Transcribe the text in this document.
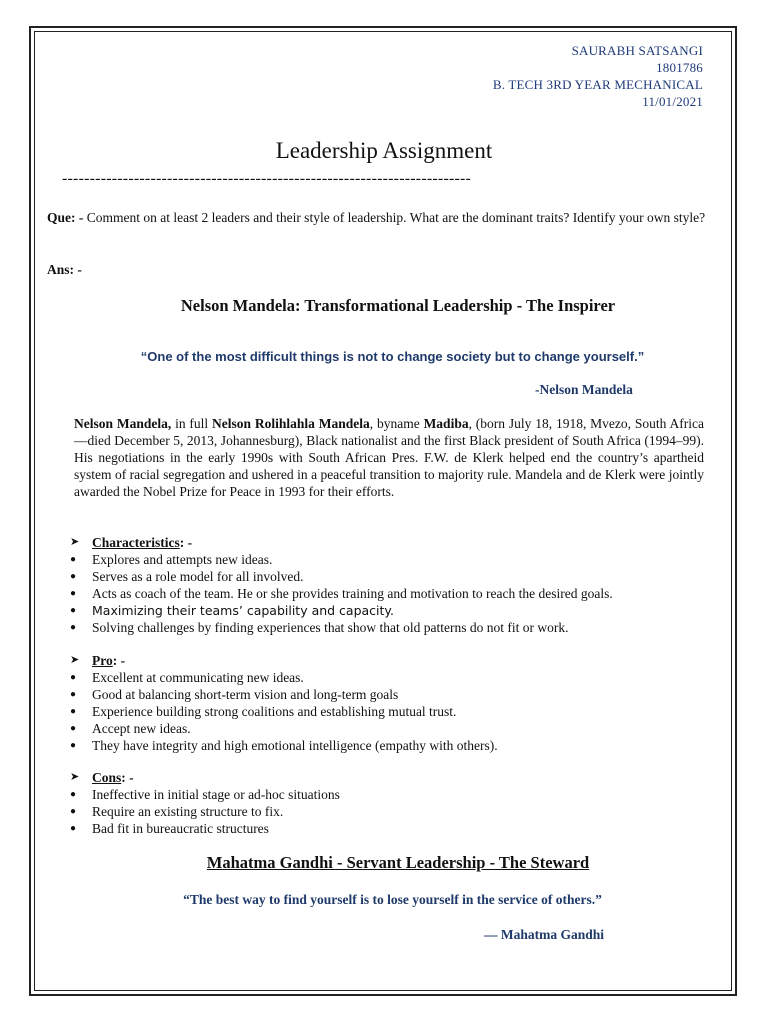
SAURABH SATSANGI
1801786
B. TECH 3RD YEAR MECHANICAL
11/01/2021
Leadership Assignment
--------------------------------------------------------------------------
Que: - Comment on at least 2 leaders and their style of leadership. What are the dominant traits? Identify your own style?
Ans: -
Nelson Mandela: Transformational Leadership - The Inspirer
“One of the most difficult things is not to change society but to change yourself.”
-Nelson Mandela
Nelson Mandela, in full Nelson Rolihlahla Mandela, byname Madiba, (born July 18, 1918, Mvezo, South Africa—died December 5, 2013, Johannesburg), Black nationalist and the first Black president of South Africa (1994–99). His negotiations in the early 1990s with South African Pres. F.W. de Klerk helped end the country’s apartheid system of racial segregation and ushered in a peaceful transition to majority rule. Mandela and de Klerk were jointly awarded the Nobel Prize for Peace in 1993 for their efforts.
➤ Characteristics : -
●	Explores and attempts new ideas.
●	Serves as a role model for all involved.
●	Acts as coach of the team. He or she provides training and motivation to reach the desired goals.
●	Maximizing their teams’ capability and capacity.
●	Solving challenges by finding experiences that show that old patterns do not fit or work.
➤ Pro : -
●	Excellent at communicating new ideas.
●	Good at balancing short-term vision and long-term goals
●	Experience building strong coalitions and establishing mutual trust.
●	Accept new ideas.
●	They have integrity and high emotional intelligence (empathy with others).
➤ Cons : -
●	Ineffective in initial stage or ad-hoc situations
●	Require an existing structure to fix.
●	Bad fit in bureaucratic structures
Mahatma Gandhi - Servant Leadership - The Steward
“The best way to find yourself is to lose yourself in the service of others.”
— Mahatma Gandhi
